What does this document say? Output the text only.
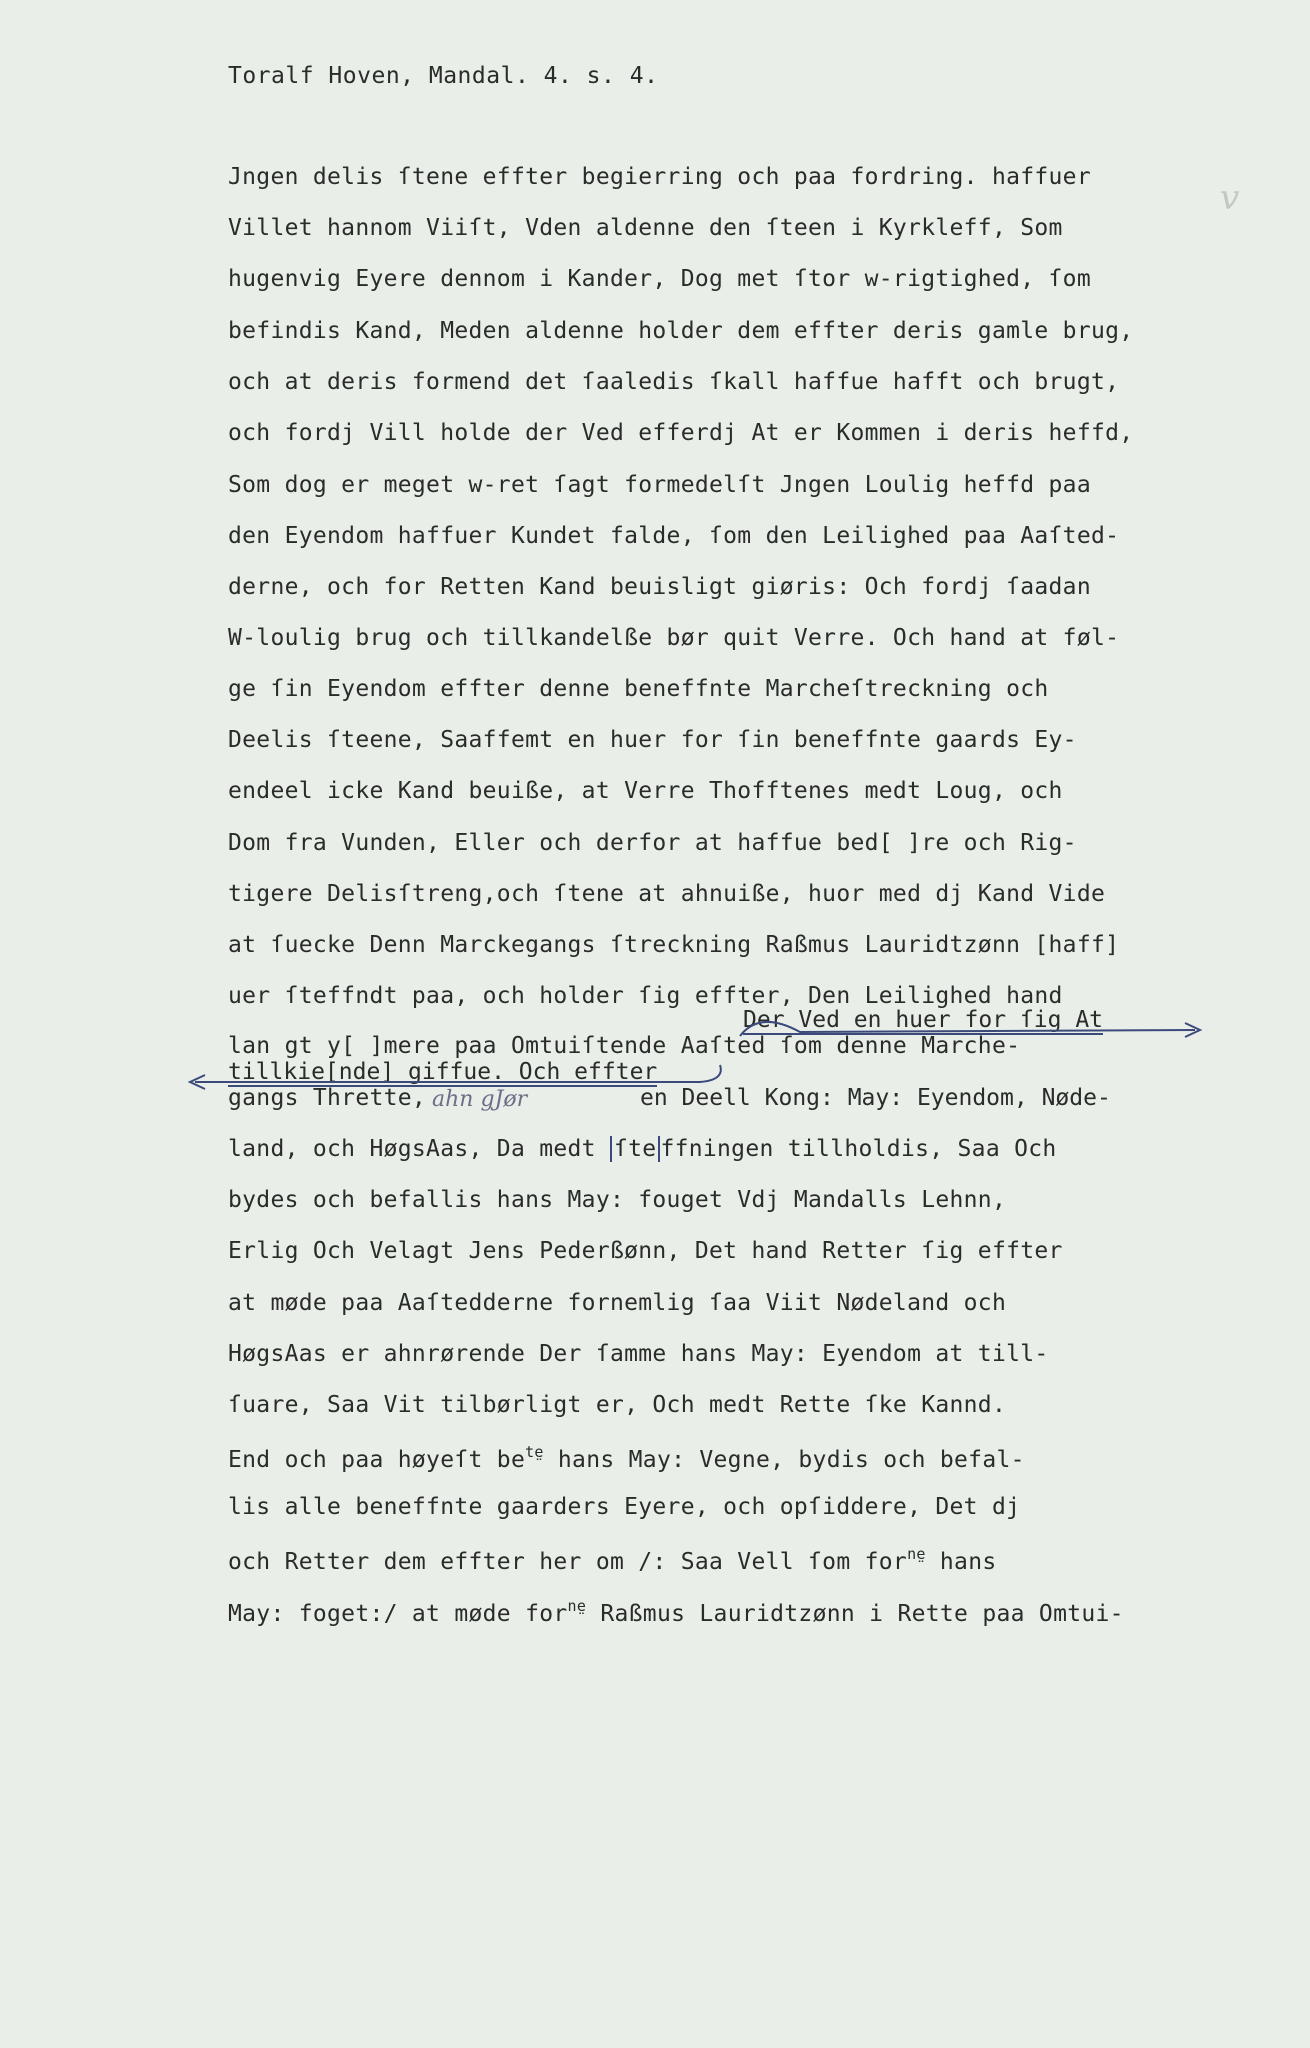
v
Toralf Hoven, Mandal. 4. s. 4.
Jngen delis ſtene effter begierring och paa fordring. haffuer
Villet hannom Viiſt, Vden aldenne den ſteen i Kyrkleff, Som
hugenvig Eyere dennom i Kander, Dog met ſtor w-rigtighed, ſom
befindis Kand, Meden aldenne holder dem effter deris gamle brug,
och at deris formend det ſaaledis ſkall haffue hafft och brugt,
och fordj Vill holde der Ved efferdj At er Kommen i deris heffd,
Som dog er meget w-ret ſagt formedelſt Jngen Loulig heffd paa
den Eyendom haffuer Kundet falde, ſom den Leilighed paa Aaſted-
derne, och for Retten Kand beuisligt giøris: Och fordj ſaadan
W-loulig brug och tillkandelße bør quit Verre. Och hand at føl-
ge ſin Eyendom effter denne beneffnte Marcheſtreckning och
Deelis ſteene, Saaffemt en huer for ſin beneffnte gaards Ey-
endeel icke Kand beuiße, at Verre Thofftenes medt Loug, och
Dom fra Vunden, Eller och derfor at haffue bed[ ]re och Rig-
tigere Delisſtreng,och ſtene at ahnuiße, huor med dj Kand Vide
at ſuecke Denn Marckegangs ſtreckning Raßmus Lauridtzønn [haff]
uer ſteffndt paa, och holder ſig effter, Den Leilighed hand
Der Ved en huer for ſig At
lan gt y[ ]mere paa Omtuiſtende Aaſted ſom denne Marche-
tillkie[nde] giffue. Och effter
gangs Thrette, ahn gJør	en Deell Kong: May: Eyendom, Nøde-
land, och HøgsAas, Da medt ſte ffningen tillholdis, Saa Och
bydes och befallis hans May: fouget Vdj Mandalls Lehnn,
Erlig Och Velagt Jens Pederßønn, Det hand Retter ſig effter
at møde paa Aaſtedderne fornemlig ſaa Viit Nødeland och
HøgsAas er ahnrørende Der ſamme hans May: Eyendom at till-
ſuare, Saa Vit tilbørligt er, Och medt Rette ſke Kannd.
End och paa høyeſt $be^{te̤}$ hans May: Vegne, bydis och befal-
lis alle beneffnte gaarders Eyere, och opſiddere, Det dj
och Retter dem effter her om /: Saa Vell ſom for$^{ne̤}$ hans
May: foget:/ at møde for$^{ne̤}$ Raßmus Lauridtzønn i Rette paa Omtui-
